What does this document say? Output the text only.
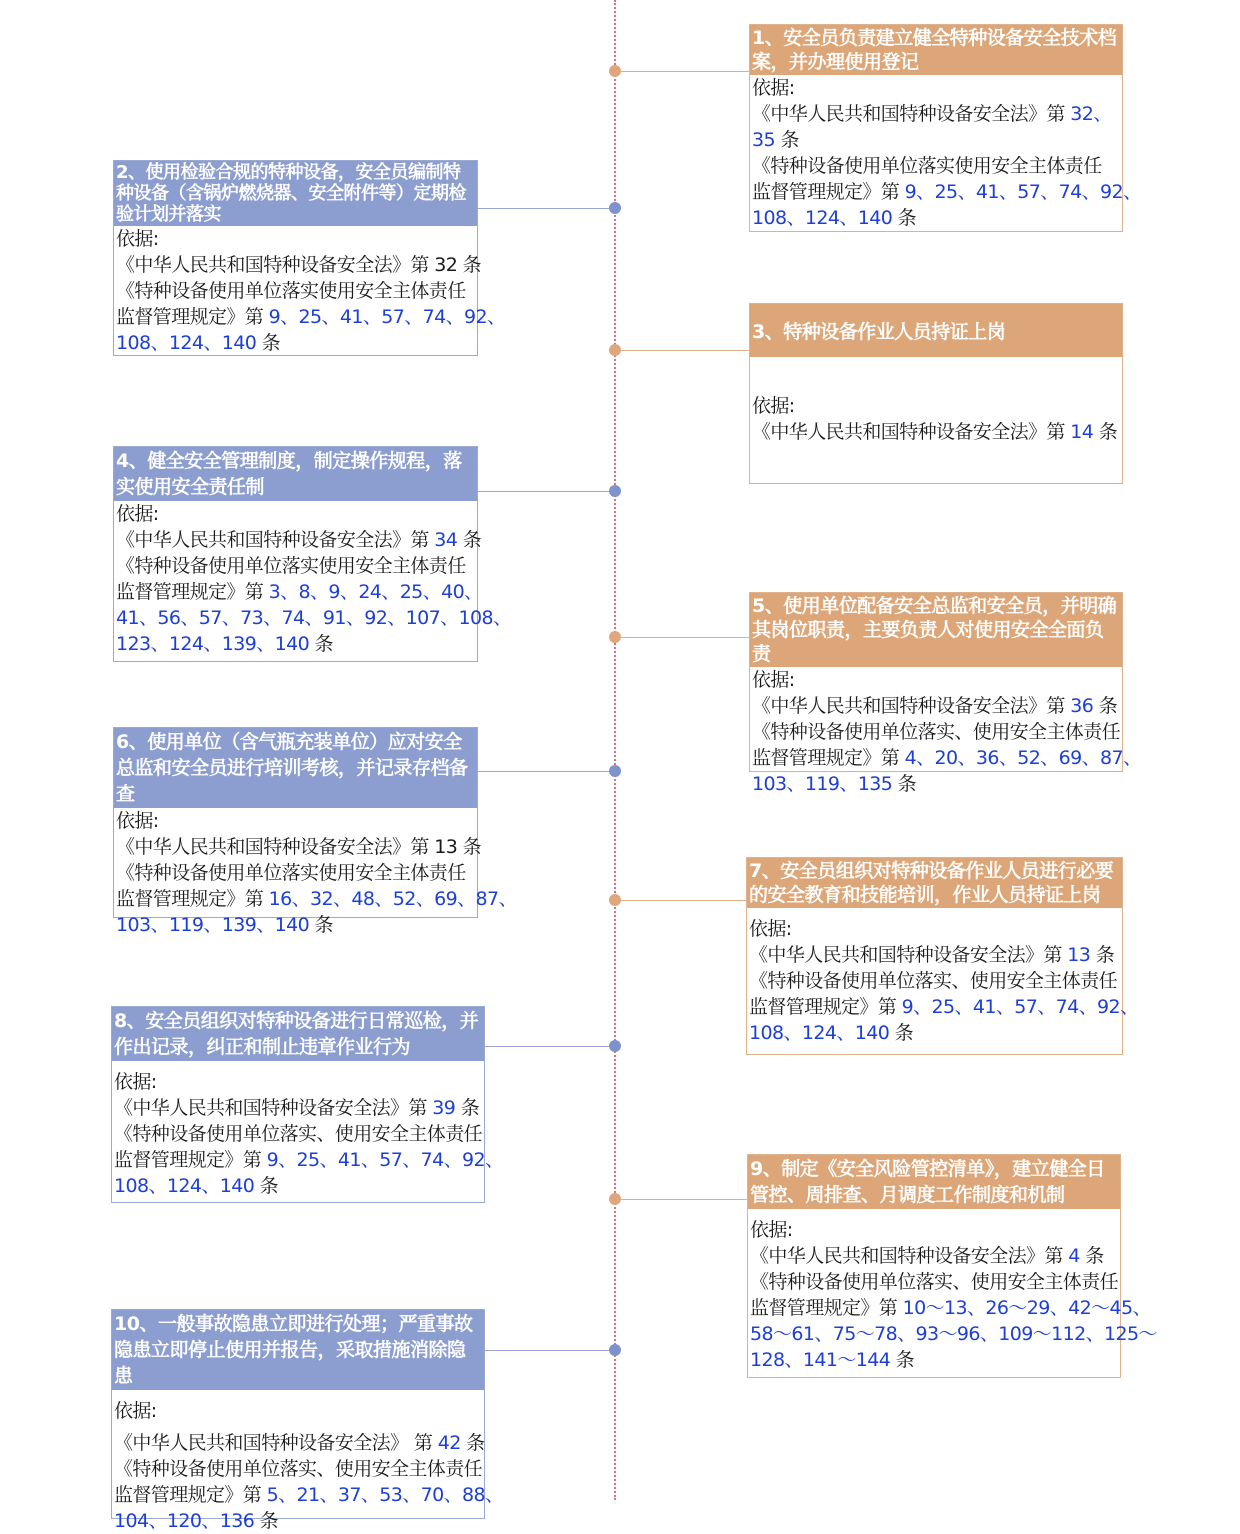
1、安全员负责建立健全特种设备安全技术档案，并办理使用登记
依据:
《中华人民共和国特种设备安全法》第 32、
35 条
《特种设备使用单位落实使用安全主体责任
监督管理规定》第 9、25、41、57、74、92、
108、124、140 条
2、使用检验合规的特种设备，安全员编制特种设备（含锅炉燃烧器、安全附件等）定期检验计划并落实
依据:
《中华人民共和国特种设备安全法》第 32 条
《特种设备使用单位落实使用安全主体责任
监督管理规定》第 9、25、41、57、74、92、
108、124、140 条	3、特种设备作业人员持证上岗
依据:
《中华人民共和国特种设备安全法》第 14 条
4、健全安全管理制度，制定操作规程，落实使用安全责任制
依据:
《中华人民共和国特种设备安全法》第 34 条
《特种设备使用单位落实使用安全主体责任
监督管理规定》第 3、8、9、24、25、40、
41、56、57、73、74、91、92、107、108、
123、124、139、140 条
5、使用单位配备安全总监和安全员，并明确其岗位职责，主要负责人对使用安全全面负责
依据:
《中华人民共和国特种设备安全法》第 36 条
《特种设备使用单位落实、使用安全主体责任
监督管理规定》第 4、20、36、52、69、87、
103、119、135 条
6、使用单位（含气瓶充装单位）应对安全总监和安全员进行培训考核，并记录存档备查
依据:
《中华人民共和国特种设备安全法》第 13 条
《特种设备使用单位落实使用安全主体责任
监督管理规定》第 16、32、48、52、69、87、
103、119、139、140 条
7、安全员组织对特种设备作业人员进行必要的安全教育和技能培训，作业人员持证上岗
依据:
《中华人民共和国特种设备安全法》第 13 条
《特种设备使用单位落实、使用安全主体责任
监督管理规定》第 9、25、41、57、74、92、
108、124、140 条
8、安全员组织对特种设备进行日常巡检，并作出记录，纠正和制止违章作业行为
依据:
《中华人民共和国特种设备安全法》第 39 条
《特种设备使用单位落实、使用安全主体责任
监督管理规定》第 9、25、41、57、74、92、
108、124、140 条
9、制定《安全风险管控清单》，建立健全日管控、周排查、月调度工作制度和机制
依据:
《中华人民共和国特种设备安全法》第 4 条
《特种设备使用单位落实、使用安全主体责任
监督管理规定》第 10～13、26～29、42～45、
58～61、75～78、93～96、109～112、125～
128、141～144 条
10、一般事故隐患立即进行处理；严重事故隐患立即停止使用并报告，采取措施消除隐患
依据:
《中华人民共和国特种设备安全法》 第 42 条
《特种设备使用单位落实、使用安全主体责任
监督管理规定》第 5、21、37、53、70、88、
104、120、136 条
